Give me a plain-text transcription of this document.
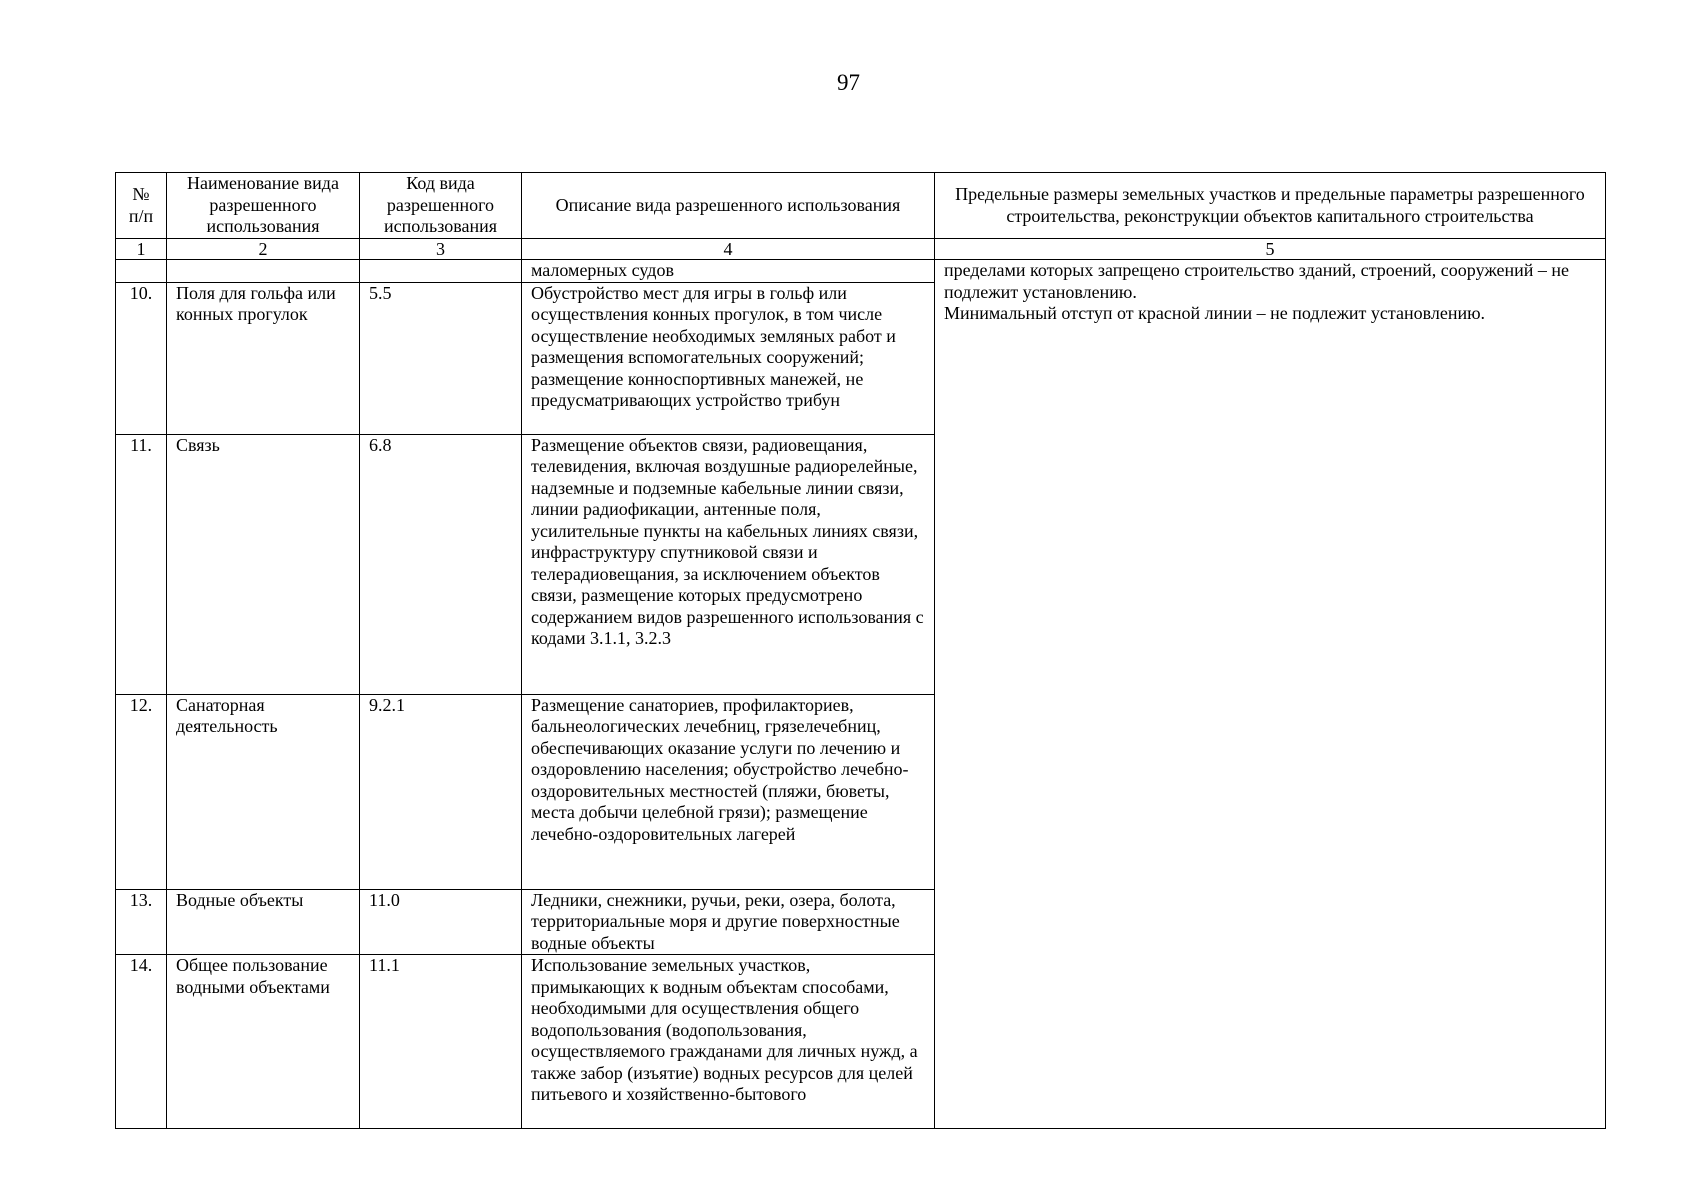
97
№ п/п	Наименование вида разрешенного использования	Код вида разрешенного использования	Описание вида разрешенного использования	Предельные размеры земельных участков и предельные параметры разрешенного строительства, реконструкции объектов капитального строительства
1	2	3	4	5
			маломерных судов	пределами которых запрещено строительство зданий, строений, сооружений – не подлежит установлению.
Минимальный отступ от красной линии – не подлежит установлению.
10.	Поля для гольфа или конных прогулок	5.5	Обустройство мест для игры в гольф или осуществления конных прогулок, в том числе осуществление необходимых земляных работ и размещения вспомогательных сооружений; размещение конноспортивных манежей, не предусматривающих устройство трибун	
11.	Связь	6.8	Размещение объектов связи, радиовещания, телевидения, включая воздушные радиорелейные, надземные и подземные кабельные линии связи, линии радиофикации, антенные поля, усилительные пункты на кабельных линиях связи, инфраструктуру спутниковой связи и телерадиовещания, за исключением объектов связи, размещение которых предусмотрено содержанием видов разрешенного использования с кодами 3.1.1, 3.2.3	
12.	Санаторная деятельность	9.2.1	Размещение санаториев, профилакториев, бальнеологических лечебниц, грязелечебниц, обеспечивающих оказание услуги по лечению и оздоровлению населения; обустройство лечебно-оздоровительных местностей (пляжи, бюветы, места добычи целебной грязи); размещение лечебно-оздоровительных лагерей	
13.	Водные объекты	11.0	Ледники, снежники, ручьи, реки, озера, болота, территориальные моря и другие поверхностные водные объекты	
14.	Общее пользование водными объектами	11.1	Использование земельных участков, примыкающих к водным объектам способами, необходимыми для осуществления общего водопользования (водопользования, осуществляемого гражданами для личных нужд, а также забор (изъятие) водных ресурсов для целей питьевого и хозяйственно-бытового	
